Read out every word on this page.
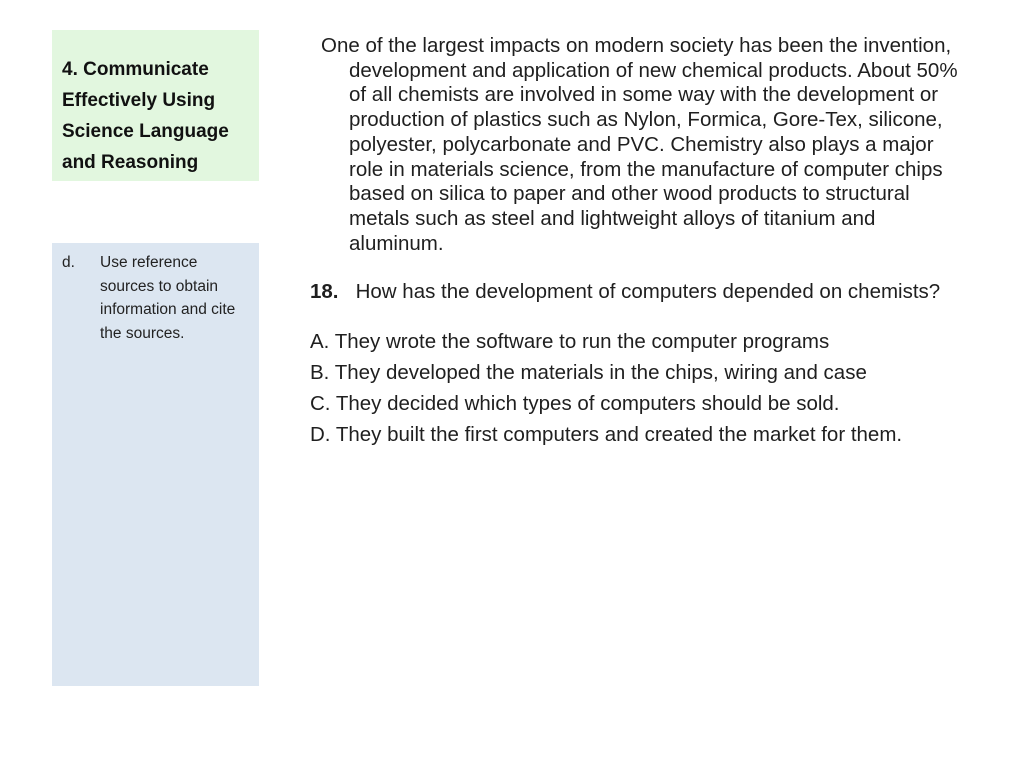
4. Communicate Effectively Using Science Language and Reasoning

d.	Use reference sources to obtain information and cite the sources.

One of the largest impacts on modern society has been the invention, development and application of new chemical products. About 50% of all chemists are involved in some way with the development or production of plastics such as Nylon, Formica, Gore-Tex, silicone, polyester, polycarbonate and PVC. Chemistry also plays a major role in materials science, from the manufacture of computer chips based on silica to paper and other wood products to structural metals such as steel and lightweight alloys of titanium and aluminum.

18. How has the development of computers depended on chemists?

A. They wrote the software to run the computer programs

B. They developed the materials in the chips, wiring and case

C. They decided which types of computers should be sold.

D. They built the first computers and created the market for them.
